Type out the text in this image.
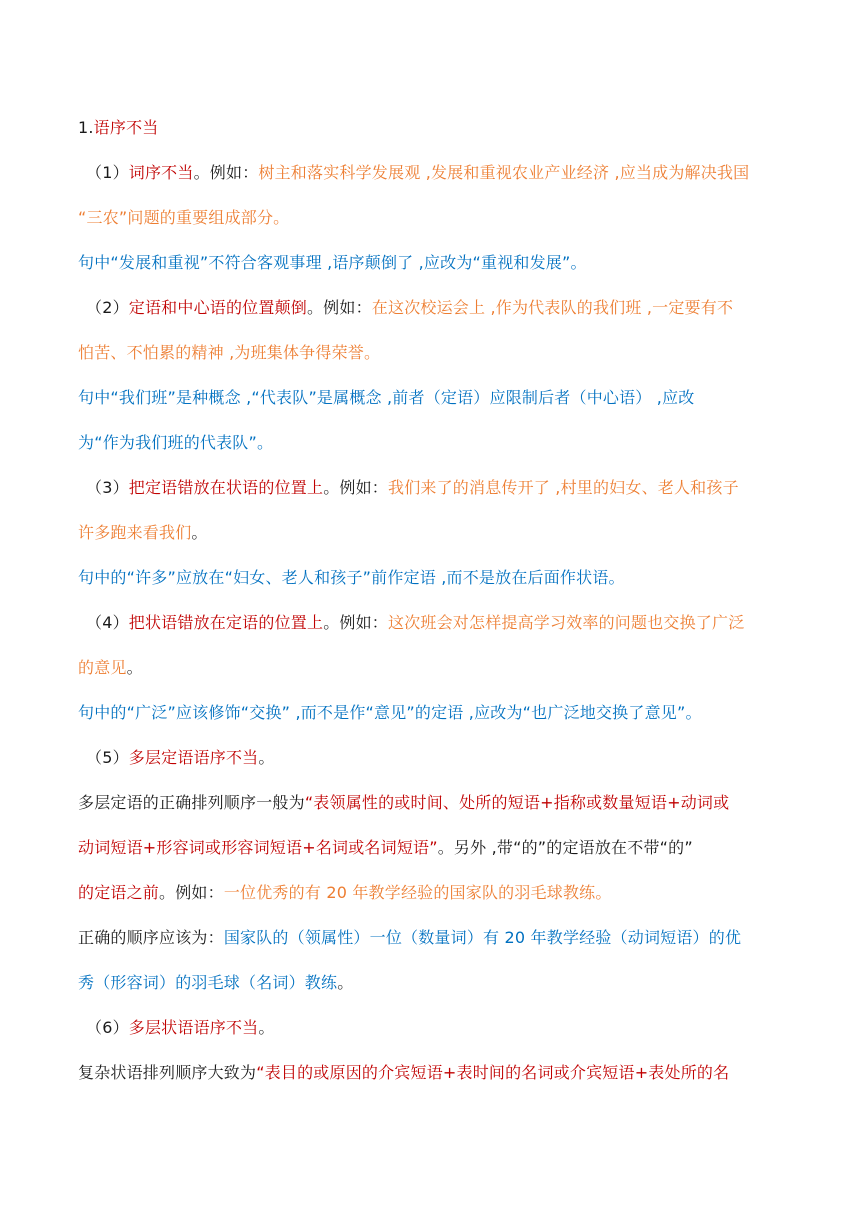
1.语序不当
（1）词序不当。例如：树主和落实科学发展观 ,发展和重视农业产业经济 ,应当成为解决我国
“三农”问题的重要组成部分。
句中“发展和重视”不符合客观事理 ,语序颠倒了 ,应改为“重视和发展”。
（2）定语和中心语的位置颠倒。例如：在这次校运会上 ,作为代表队的我们班 ,一定要有不
怕苦、不怕累的精神 ,为班集体争得荣誉。
句中“我们班”是种概念 ,“代表队”是属概念 ,前者（定语）应限制后者（中心语） ,应改
为“作为我们班的代表队”。
（3）把定语错放在状语的位置上。例如：我们来了的消息传开了 ,村里的妇女、老人和孩子
许多跑来看我们。
句中的“许多”应放在“妇女、老人和孩子”前作定语 ,而不是放在后面作状语。
（4）把状语错放在定语的位置上。例如：这次班会对怎样提高学习效率的问题也交换了广泛
的意见。
句中的“广泛”应该修饰“交换” ,而不是作“意见”的定语 ,应改为“也广泛地交换了意见”。
（5）多层定语语序不当。
多层定语的正确排列顺序一般为“表领属性的或时间、处所的短语+指称或数量短语+动词或
动词短语+形容词或形容词短语+名词或名词短语”。另外 ,带“的”的定语放在不带“的”
的定语之前。例如：一位优秀的有 20 年教学经验的国家队的羽毛球教练。
正确的顺序应该为：国家队的（领属性）一位（数量词）有 20 年教学经验（动词短语）的优
秀（形容词）的羽毛球（名词）教练。
（6）多层状语语序不当。
复杂状语排列顺序大致为“表目的或原因的介宾短语+表时间的名词或介宾短语+表处所的名
